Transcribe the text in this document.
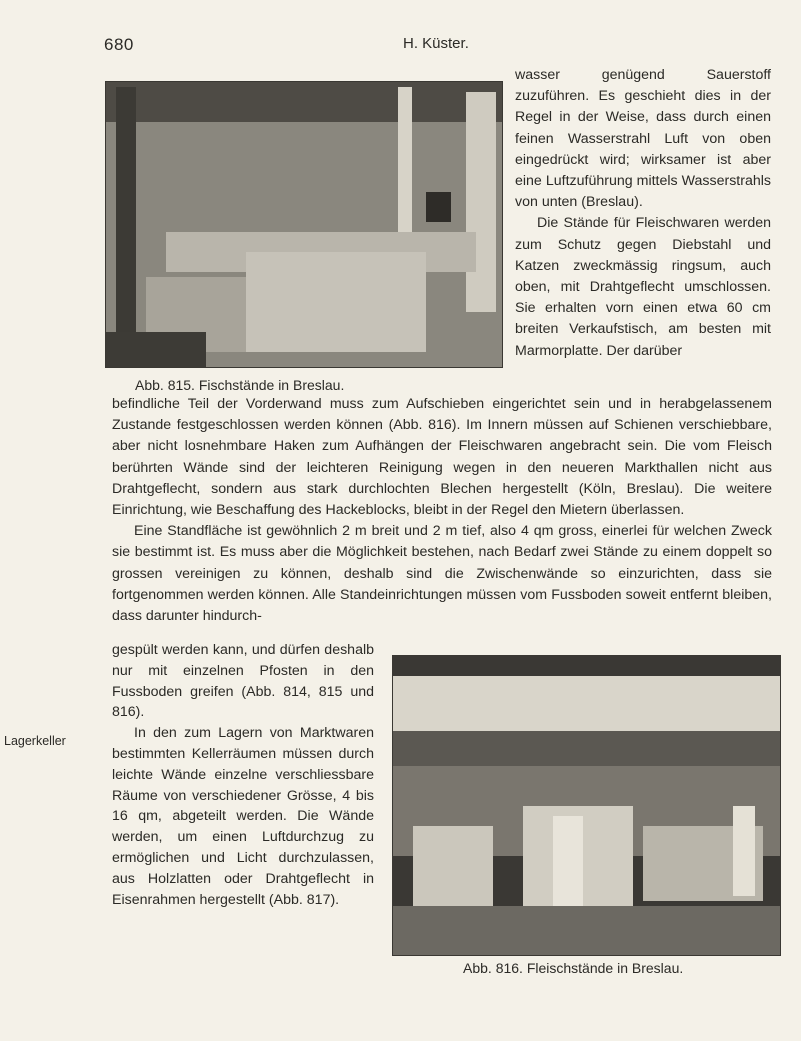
680	H. Küster.
Abb. 815. Fischstände in Breslau.

wasser genügend Sauerstoff zuzuführen. Es geschieht dies in der Regel in der Weise, dass durch einen feinen Wasserstrahl Luft von oben eingedrückt wird; wirksamer ist aber eine Luftzuführung mittels Wasserstrahls von unten (Breslau).

Die Stände für Fleischwaren werden zum Schutz gegen Diebstahl und Katzen zweckmässig ringsum, auch oben, mit Drahtgeflecht umschlossen. Sie erhalten vorn einen etwa 60 cm breiten Verkaufstisch, am besten mit Marmorplatte. Der darüber

befindliche Teil der Vorderwand muss zum Aufschieben eingerichtet sein und in herabgelassenem Zustande festgeschlossen werden können (Abb. 816). Im Innern müssen auf Schienen verschiebbare, aber nicht losnehmbare Haken zum Aufhängen der Fleischwaren angebracht sein. Die vom Fleisch berührten Wände sind der leichteren Reinigung wegen in den neueren Markthallen nicht aus Drahtgeflecht, sondern aus stark durchlochten Blechen hergestellt (Köln, Breslau). Die weitere Einrichtung, wie Beschaffung des Hackeblocks, bleibt in der Regel den Mietern überlassen.

Eine Standfläche ist gewöhnlich 2 m breit und 2 m tief, also 4 qm gross, einerlei für welchen Zweck sie bestimmt ist. Es muss aber die Möglichkeit bestehen, nach Bedarf zwei Stände zu einem doppelt so grossen vereinigen zu können, deshalb sind die Zwischenwände so einzurichten, dass sie fortgenommen werden können. Alle Standeinrichtungen müssen vom Fussboden soweit entfernt bleiben, dass darunter hindurch-

Lagerkeller

gespült werden kann, und dürfen deshalb nur mit einzelnen Pfosten in den Fussboden greifen (Abb. 814, 815 und 816).

In den zum Lagern von Marktwaren bestimmten Kellerräumen müssen durch leichte Wände einzelne verschliessbare Räume von verschiedener Grösse, 4 bis 16 qm, abgeteilt werden. Die Wände werden, um einen Luftdurchzug zu ermöglichen und Licht durchzulassen, aus Holzlatten oder Drahtgeflecht in Eisenrahmen hergestellt (Abb. 817).

Abb. 816. Fleischstände in Breslau.
